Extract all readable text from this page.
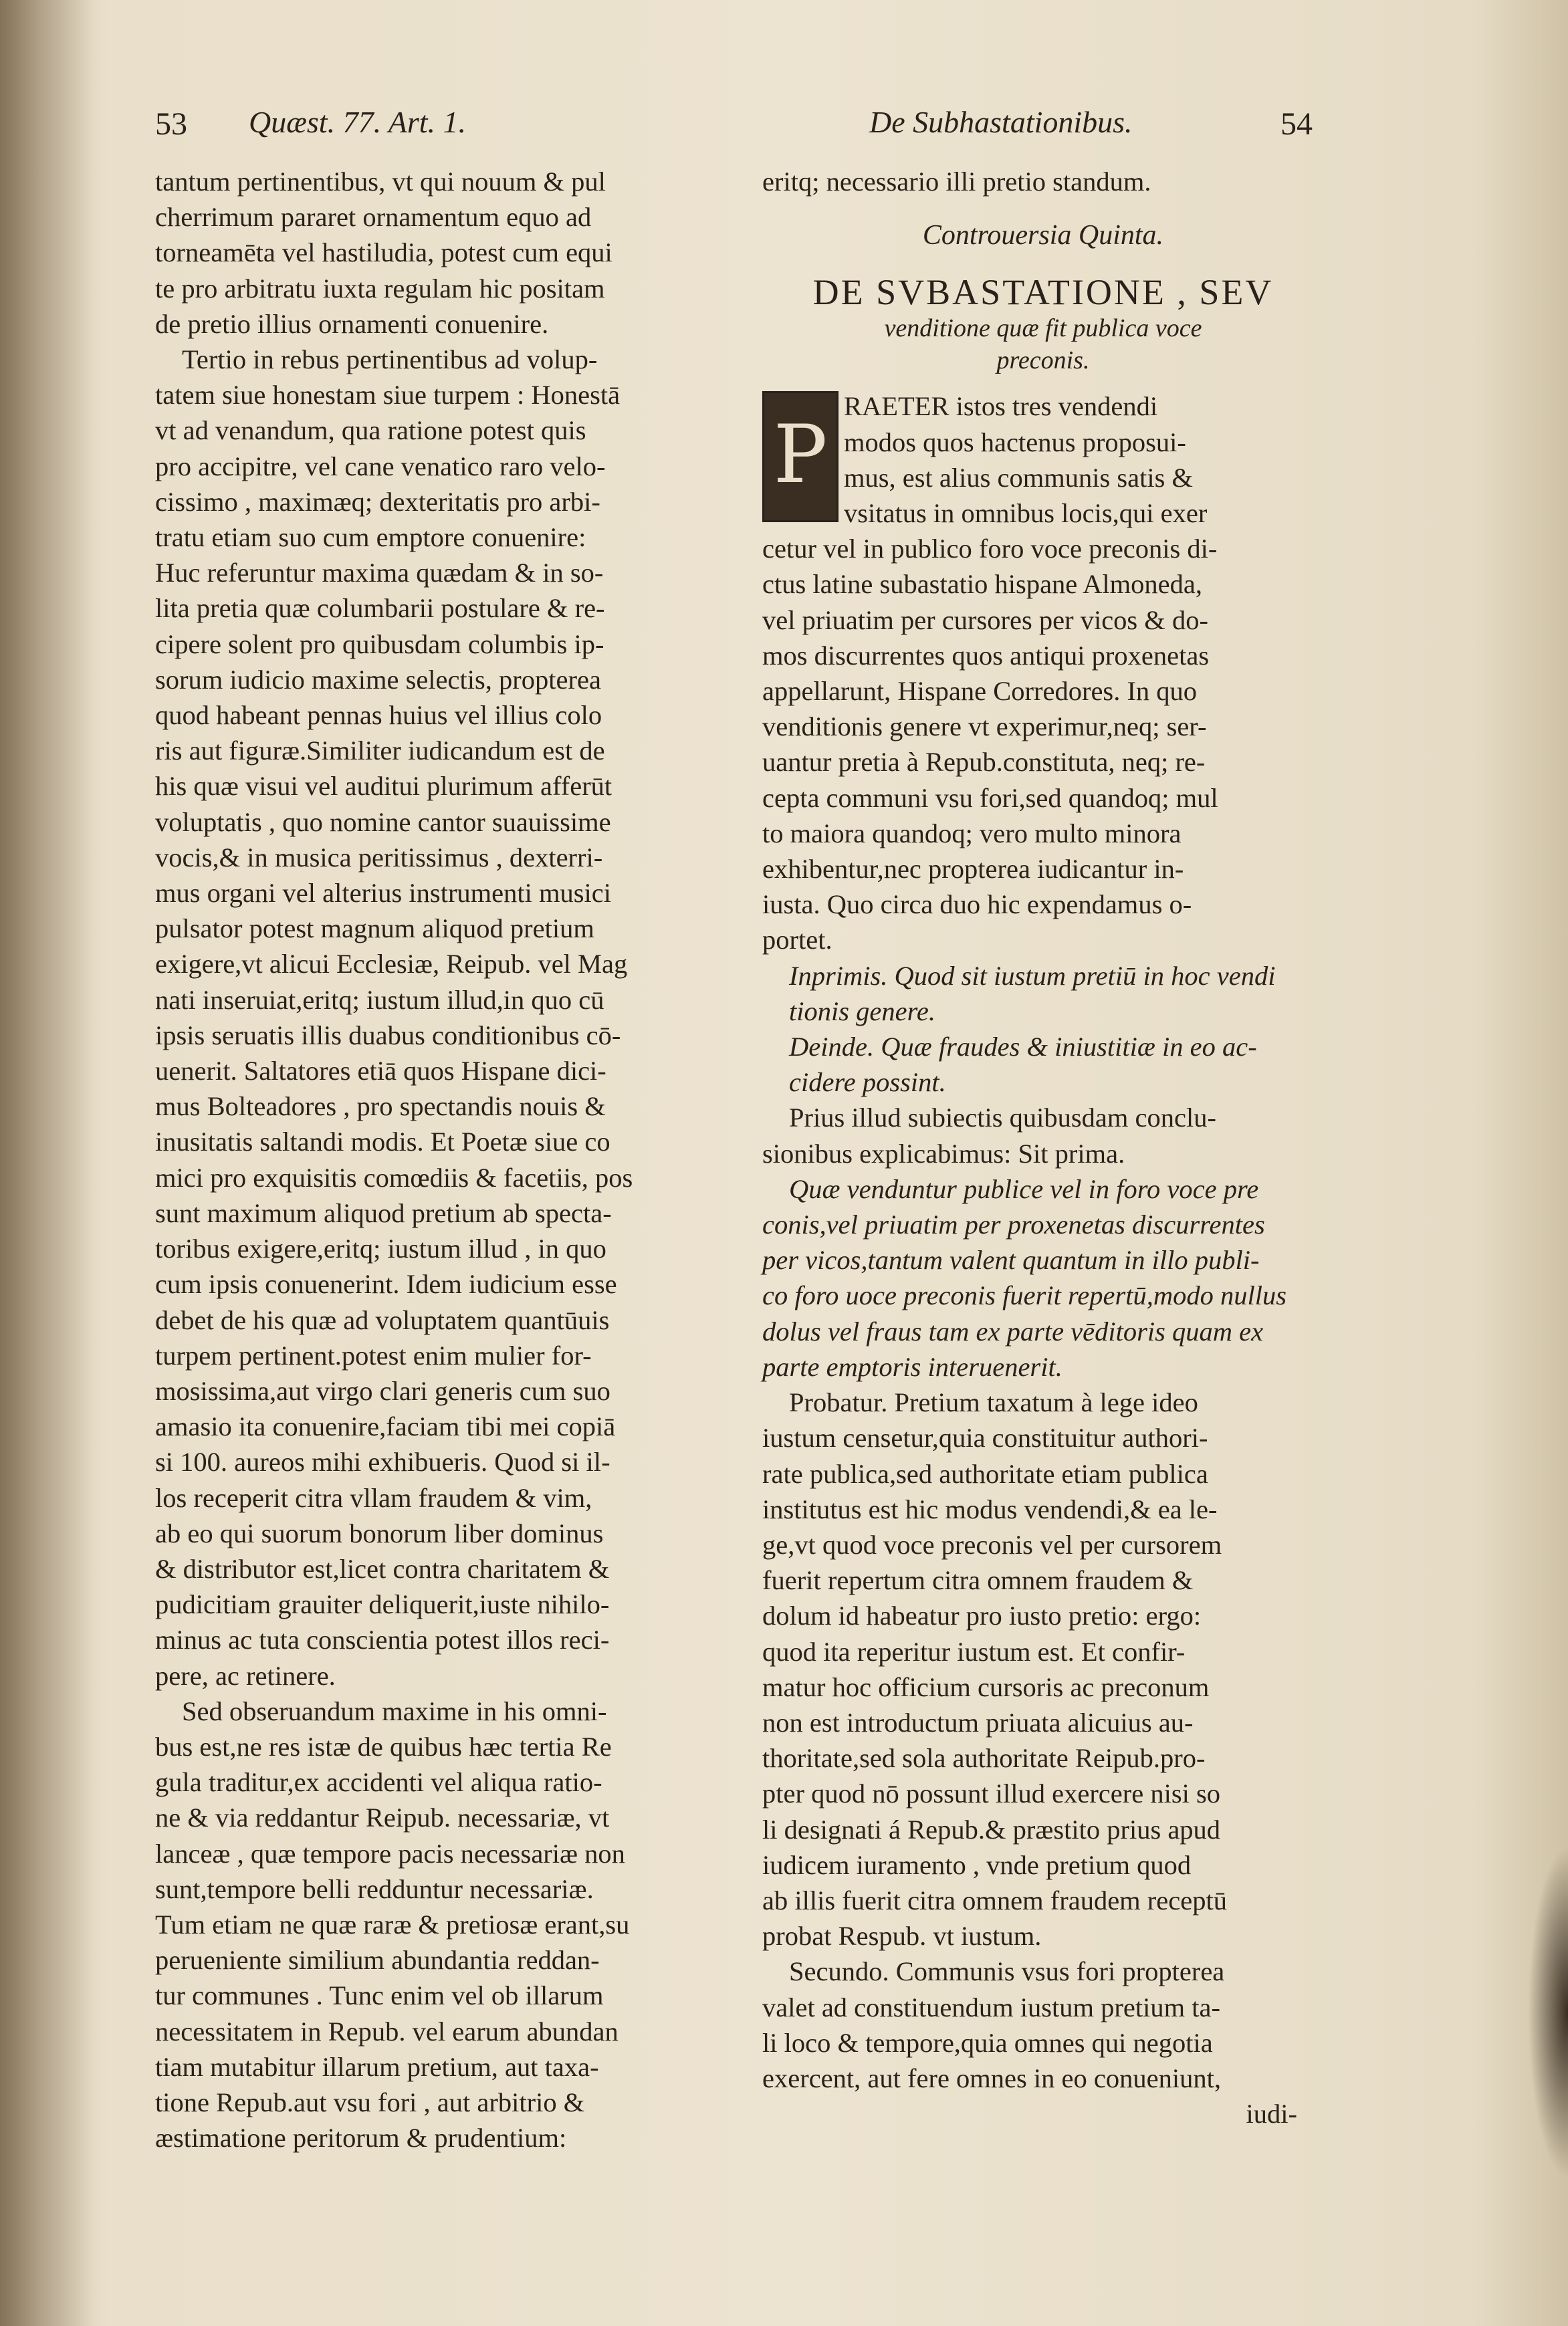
53 Quæst. 77. Art. 1.	De Subhastationibus.	54
tantum pertinentibus, vt qui nouum & pul
cherrimum pararet ornamentum equo ad
torneamēta vel hastiludia, potest cum equi
te pro arbitratu iuxta regulam hic positam
de pretio illius ornamenti conuenire.
Tertio in rebus pertinentibus ad volup-
tatem siue honestam siue turpem : Honestā
vt ad venandum, qua ratione potest quis
pro accipitre, vel cane venatico raro velo-
cissimo , maximæq; dexteritatis pro arbi-
tratu etiam suo cum emptore conuenire:
Huc referuntur maxima quædam & in so-
lita pretia quæ columbarii postulare & re-
cipere solent pro quibusdam columbis ip-
sorum iudicio maxime selectis, propterea
quod habeant pennas huius vel illius colo
ris aut figuræ.Similiter iudicandum est de
his quæ visui vel auditui plurimum afferūt
voluptatis , quo nomine cantor suauissime
vocis,& in musica peritissimus , dexterri-
mus organi vel alterius instrumenti musici
pulsator potest magnum aliquod pretium
exigere,vt alicui Ecclesiæ, Reipub. vel Mag
nati inseruiat,eritq; iustum illud,in quo cū
ipsis seruatis illis duabus conditionibus cō-
uenerit. Saltatores etiā quos Hispane dici-
mus Bolteadores , pro spectandis nouis &
inusitatis saltandi modis. Et Poetæ siue co
mici pro exquisitis comœdiis & facetiis, pos
sunt maximum aliquod pretium ab specta-
toribus exigere,eritq; iustum illud , in quo
cum ipsis conuenerint. Idem iudicium esse
debet de his quæ ad voluptatem quantūuis
turpem pertinent.potest enim mulier for-
mosissima,aut virgo clari generis cum suo
amasio ita conuenire,faciam tibi mei copiā
si 100. aureos mihi exhibueris. Quod si il-
los receperit citra vllam fraudem & vim,
ab eo qui suorum bonorum liber dominus
& distributor est,licet contra charitatem &
pudicitiam grauiter deliquerit,iuste nihilo-
minus ac tuta conscientia potest illos reci-
pere, ac retinere.
Sed obseruandum maxime in his omni-
bus est,ne res istæ de quibus hæc tertia Re
gula traditur,ex accidenti vel aliqua ratio-
ne & via reddantur Reipub. necessariæ, vt
lanceæ , quæ tempore pacis necessariæ non
sunt,tempore belli redduntur necessariæ.
Tum etiam ne quæ raræ & pretiosæ erant,su
perueniente similium abundantia reddan-
tur communes . Tunc enim vel ob illarum
necessitatem in Repub. vel earum abundan
tiam mutabitur illarum pretium, aut taxa-
tione Repub.aut vsu fori , aut arbitrio &
æstimatione peritorum & prudentium:
eritq; necessario illi pretio standum.
Controuersia Quinta.
DE SVBASTATIONE , SEV
venditione quæ fit publica voce
preconis.
P
RAETER istos tres vendendi
modos quos hactenus proposui-
mus, est alius communis satis &
vsitatus in omnibus locis,qui exer
cetur vel in publico foro voce preconis di-
ctus latine subastatio hispane Almoneda,
vel priuatim per cursores per vicos & do-
mos discurrentes quos antiqui proxenetas
appellarunt, Hispane Corredores. In quo
venditionis genere vt experimur,neq; ser-
uantur pretia à Repub.constituta, neq; re-
cepta communi vsu fori,sed quandoq; mul
to maiora quandoq; vero multo minora
exhibentur,nec propterea iudicantur in-
iusta. Quo circa duo hic expendamus o-
portet.
Inprimis. Quod sit iustum pretiū in hoc vendi
tionis genere.
Deinde. Quæ fraudes & iniustitiæ in eo ac-
cidere possint.
Prius illud subiectis quibusdam conclu-
sionibus explicabimus: Sit prima.
Quæ venduntur publice vel in foro voce pre
conis,vel priuatim per proxenetas discurrentes
per vicos,tantum valent quantum in illo publi-
co foro uoce preconis fuerit repertū,modo nullus
dolus vel fraus tam ex parte vēditoris quam ex
parte emptoris interuenerit.
Probatur. Pretium taxatum à lege ideo
iustum censetur,quia constituitur authori-
rate publica,sed authoritate etiam publica
institutus est hic modus vendendi,& ea le-
ge,vt quod voce preconis vel per cursorem
fuerit repertum citra omnem fraudem &
dolum id habeatur pro iusto pretio: ergo:
quod ita reperitur iustum est. Et confir-
matur hoc officium cursoris ac preconum
non est introductum priuata alicuius au-
thoritate,sed sola authoritate Reipub.pro-
pter quod nō possunt illud exercere nisi so
li designati á Repub.& præstito prius apud
iudicem iuramento , vnde pretium quod
ab illis fuerit citra omnem fraudem receptū
probat Respub. vt iustum.
Secundo. Communis vsus fori propterea
valet ad constituendum iustum pretium ta-
li loco & tempore,quia omnes qui negotia
exercent, aut fere omnes in eo conueniunt,
iudi-
